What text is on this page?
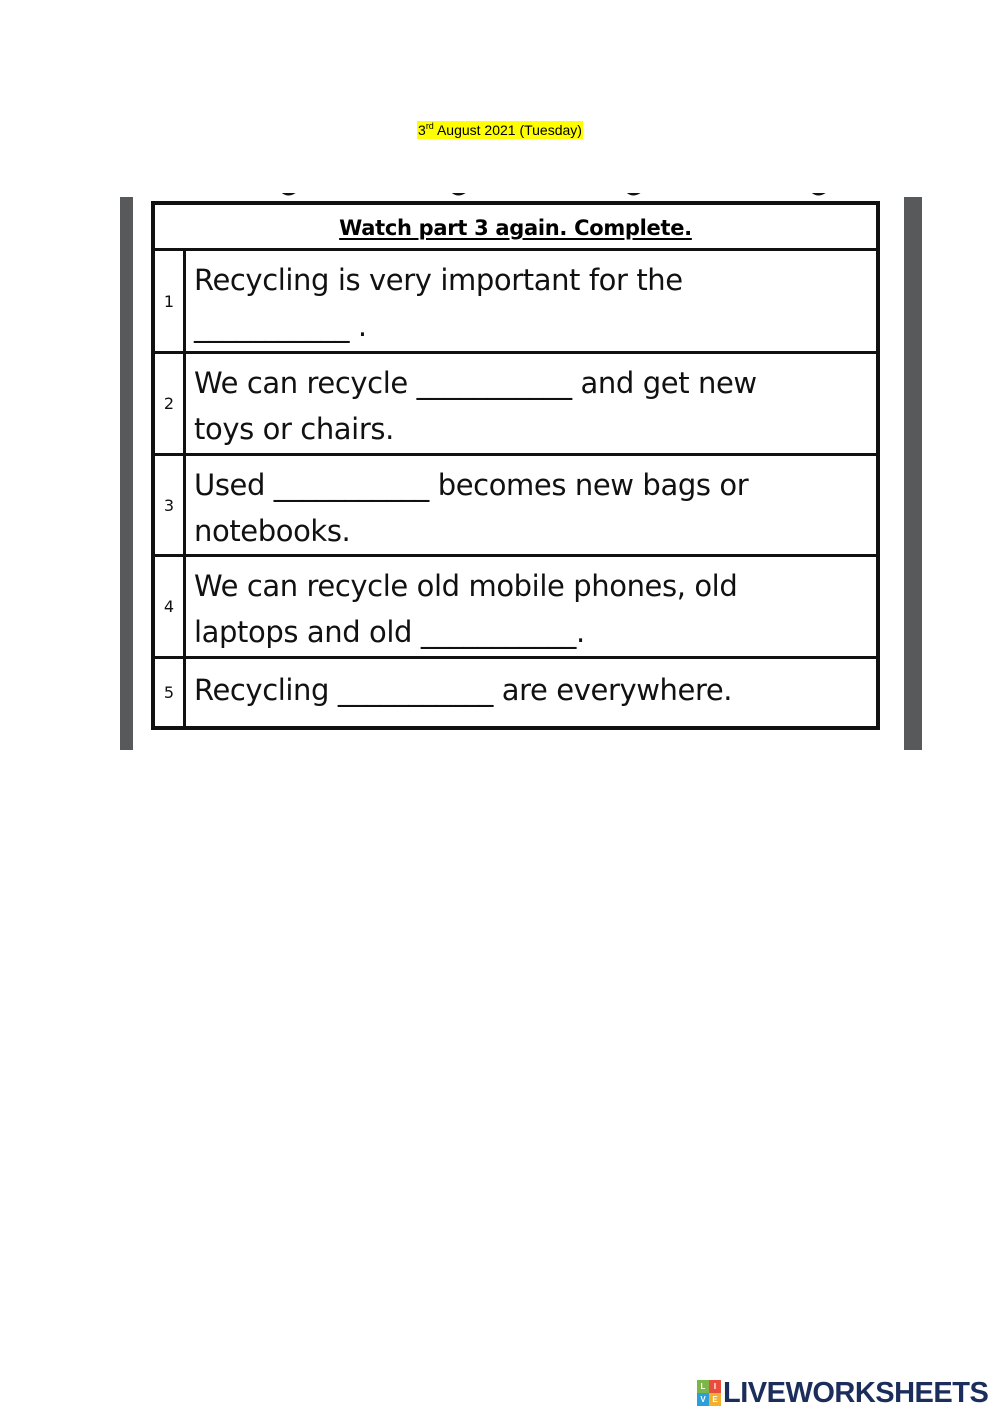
3rd August 2021 (Tuesday)
Watch part 3 again. Complete.
1
Recycling is very important for the
___________ .
2
We can recycle ___________ and get new
toys or chairs.
3
Used ___________ becomes new bags or
notebooks.
4
We can recycle old mobile phones, old
laptops and old ___________.
5 Recycling ___________ are everywhere.
L	I
V E LIVEWORKSHEETS
